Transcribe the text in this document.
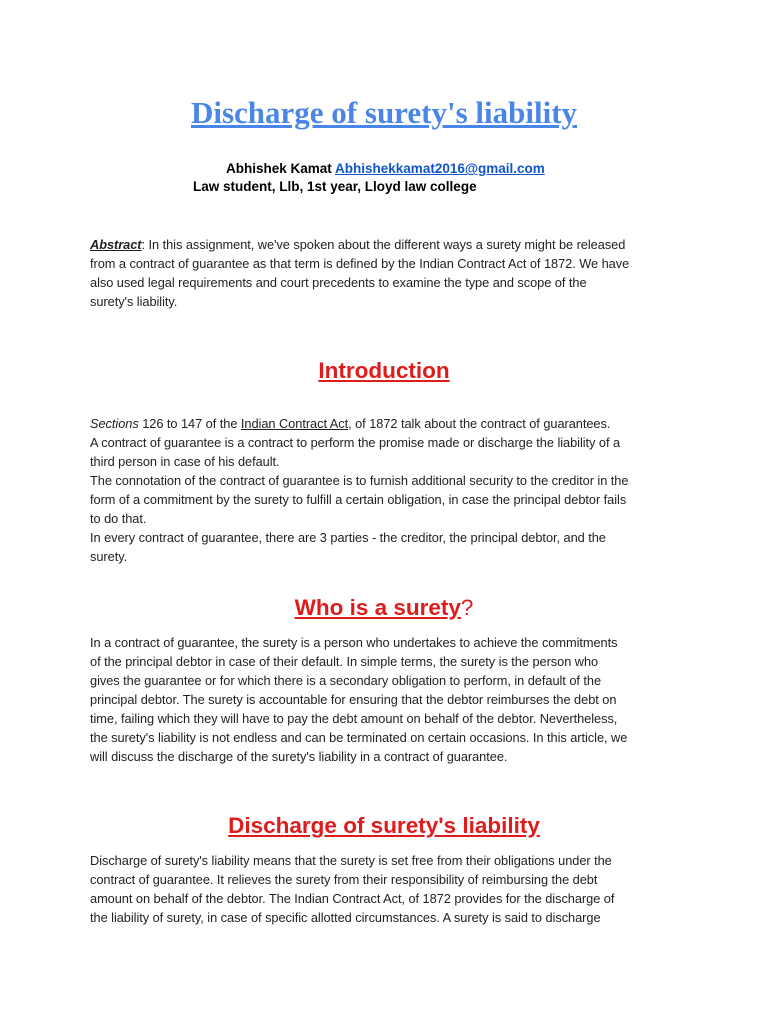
Discharge of surety's liability
Abhishek Kamat Abhishekkamat2016@gmail.com
Law student, Llb, 1st year, Lloyd law college
Abstract: In this assignment, we've spoken about the different ways a surety might be released
from a contract of guarantee as that term is defined by the Indian Contract Act of 1872. We have
also used legal requirements and court precedents to examine the type and scope of the
surety's liability.
Introduction
Sections 126 to 147 of the Indian Contract Act, of 1872 talk about the contract of guarantees.
A contract of guarantee is a contract to perform the promise made or discharge the liability of a
third person in case of his default.
The connotation of the contract of guarantee is to furnish additional security to the creditor in the
form of a commitment by the surety to fulfill a certain obligation, in case the principal debtor fails
to do that.
In every contract of guarantee, there are 3 parties - the creditor, the principal debtor, and the
surety.
Who is a surety?
In a contract of guarantee, the surety is a person who undertakes to achieve the commitments
of the principal debtor in case of their default. In simple terms, the surety is the person who
gives the guarantee or for which there is a secondary obligation to perform, in default of the
principal debtor. The surety is accountable for ensuring that the debtor reimburses the debt on
time, failing which they will have to pay the debt amount on behalf of the debtor. Nevertheless,
the surety's liability is not endless and can be terminated on certain occasions. In this article, we
will discuss the discharge of the surety's liability in a contract of guarantee.
Discharge of surety's liability
Discharge of surety's liability means that the surety is set free from their obligations under the
contract of guarantee. It relieves the surety from their responsibility of reimbursing the debt
amount on behalf of the debtor. The Indian Contract Act, of 1872 provides for the discharge of
the liability of surety, in case of specific allotted circumstances. A surety is said to discharge
